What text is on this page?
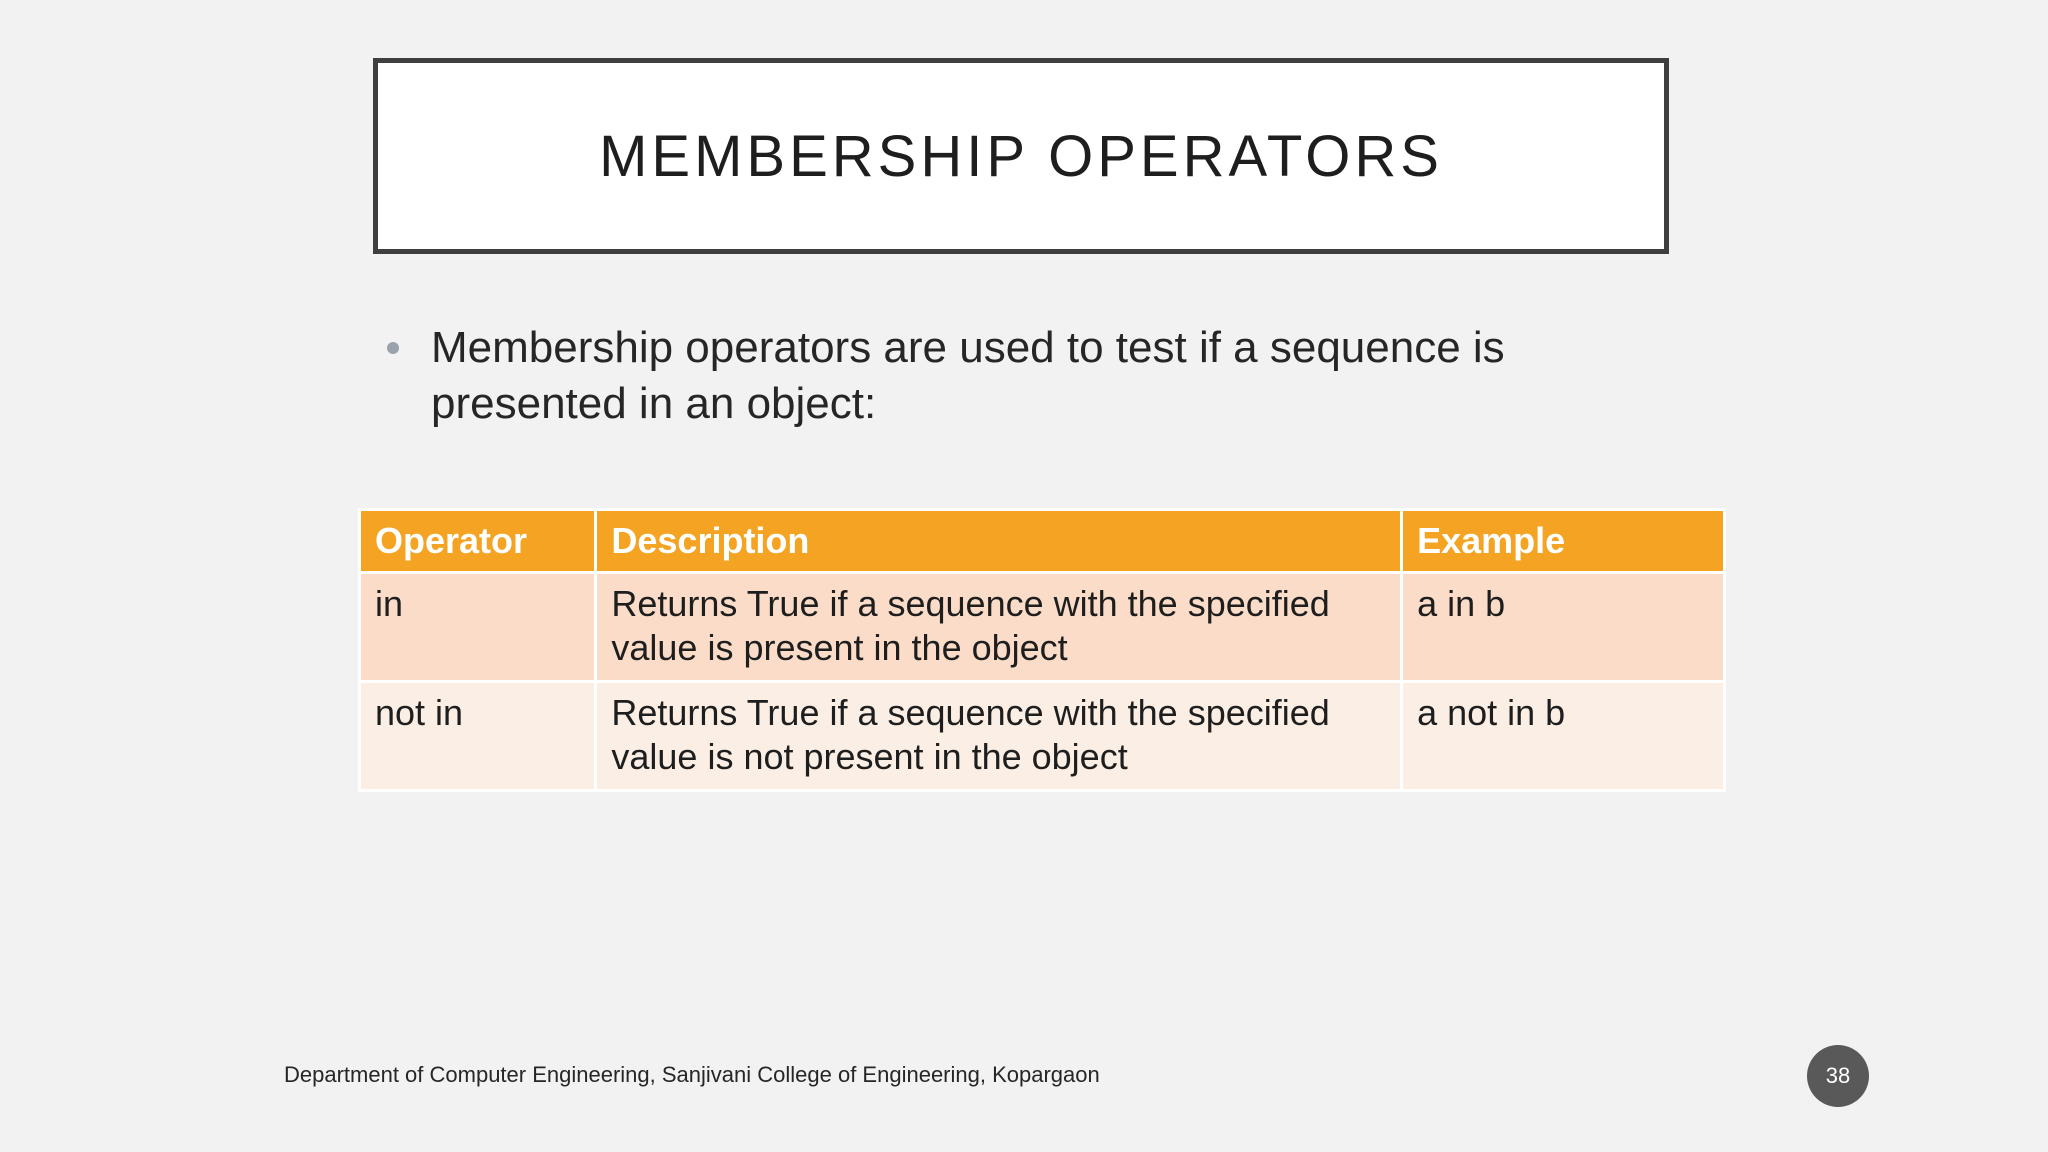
MEMBERSHIP OPERATORS
Membership operators are used to test if a sequence is presented in an object:
Operator	Description	Example
in	Returns True if a sequence with the specified value is present in the object	a in b
not in	Returns True if a sequence with the specified value is not present in the object	a not in b
Department of Computer Engineering, Sanjivani College of Engineering, Kopargaon	38
